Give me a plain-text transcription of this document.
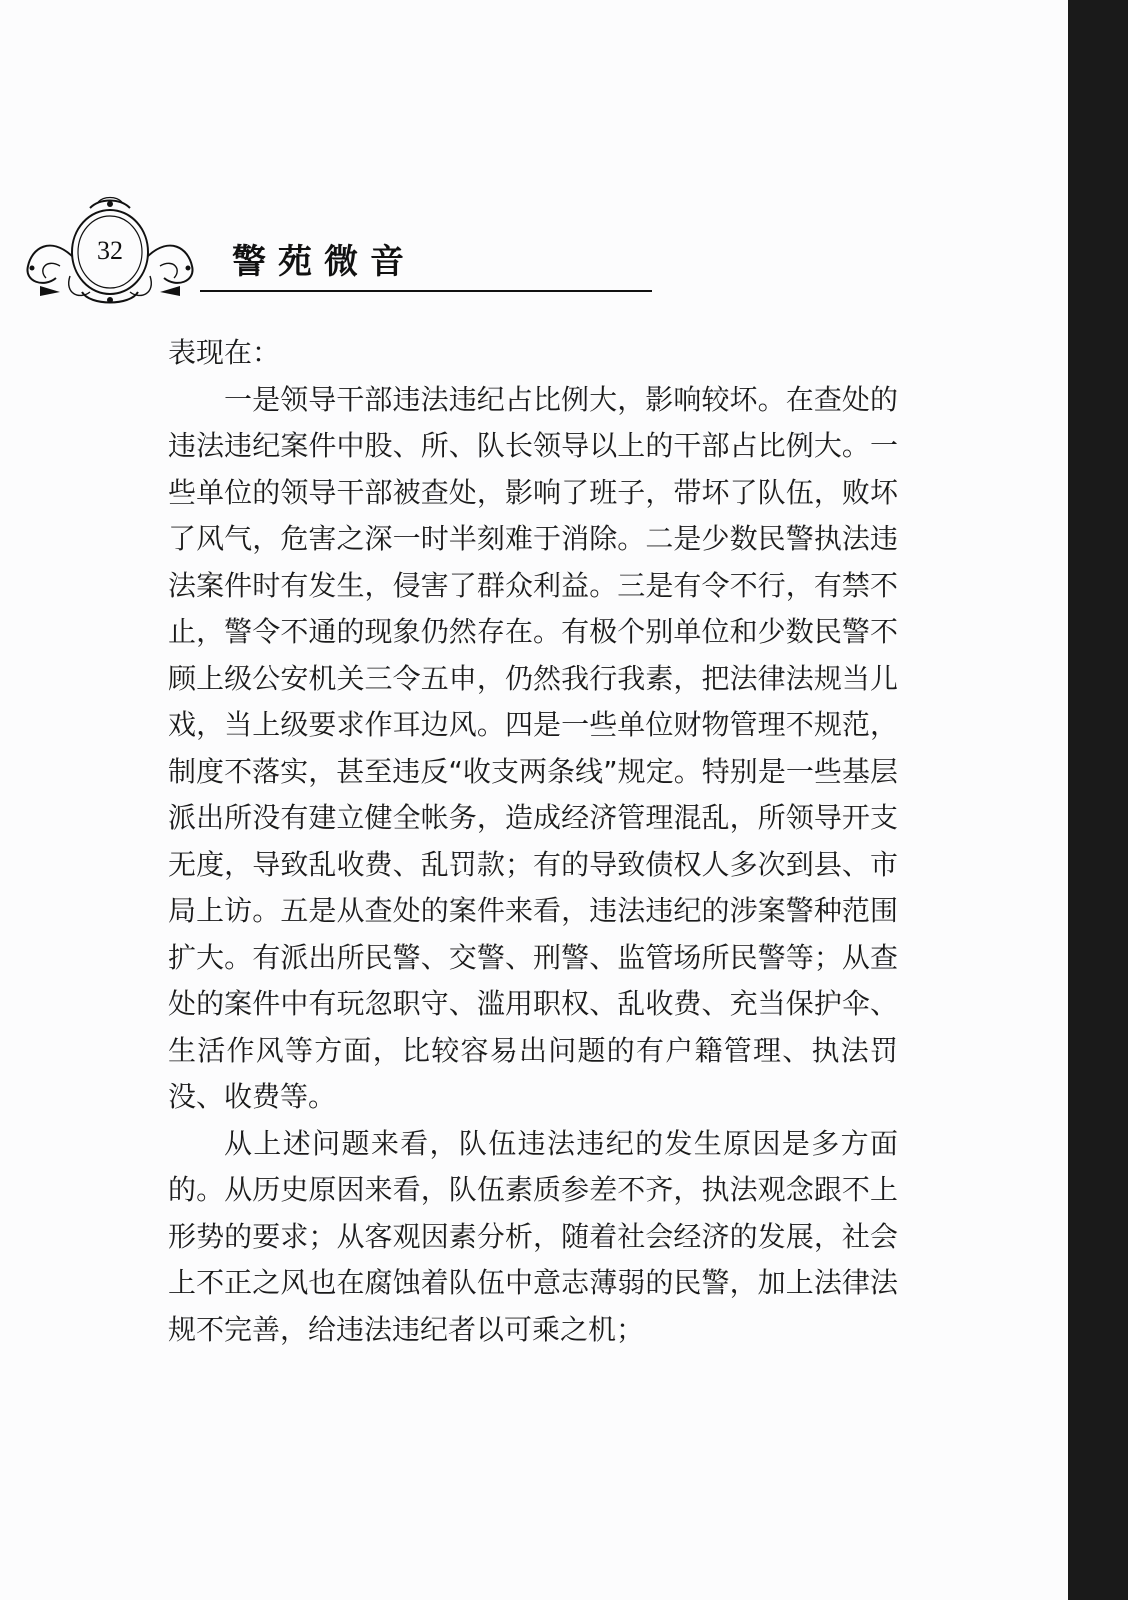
32	警苑微音

表现在：

一是领导干部违法违纪占比例大，影响较坏。在查处的违法违纪案件中股、所、队长领导以上的干部占比例大。一些单位的领导干部被查处，影响了班子，带坏了队伍，败坏了风气，危害之深一时半刻难于消除。二是少数民警执法违法案件时有发生，侵害了群众利益。三是有令不行，有禁不止，警令不通的现象仍然存在。有极个别单位和少数民警不顾上级公安机关三令五申，仍然我行我素，把法律法规当儿戏，当上级要求作耳边风。四是一些单位财物管理不规范，制度不落实，甚至违反“收支两条线”规定。特别是一些基层派出所没有建立健全帐务，造成经济管理混乱，所领导开支无度，导致乱收费、乱罚款；有的导致债权人多次到县、市局上访。五是从查处的案件来看，违法违纪的涉案警种范围扩大。有派出所民警、交警、刑警、监管场所民警等；从查处的案件中有玩忽职守、滥用职权、乱收费、充当保护伞、生活作风等方面，比较容易出问题的有户籍管理、执法罚没、收费等。

从上述问题来看，队伍违法违纪的发生原因是多方面的。从历史原因来看，队伍素质参差不齐，执法观念跟不上形势的要求；从客观因素分析，随着社会经济的发展，社会上不正之风也在腐蚀着队伍中意志薄弱的民警，加上法律法规不完善，给违法违纪者以可乘之机；
